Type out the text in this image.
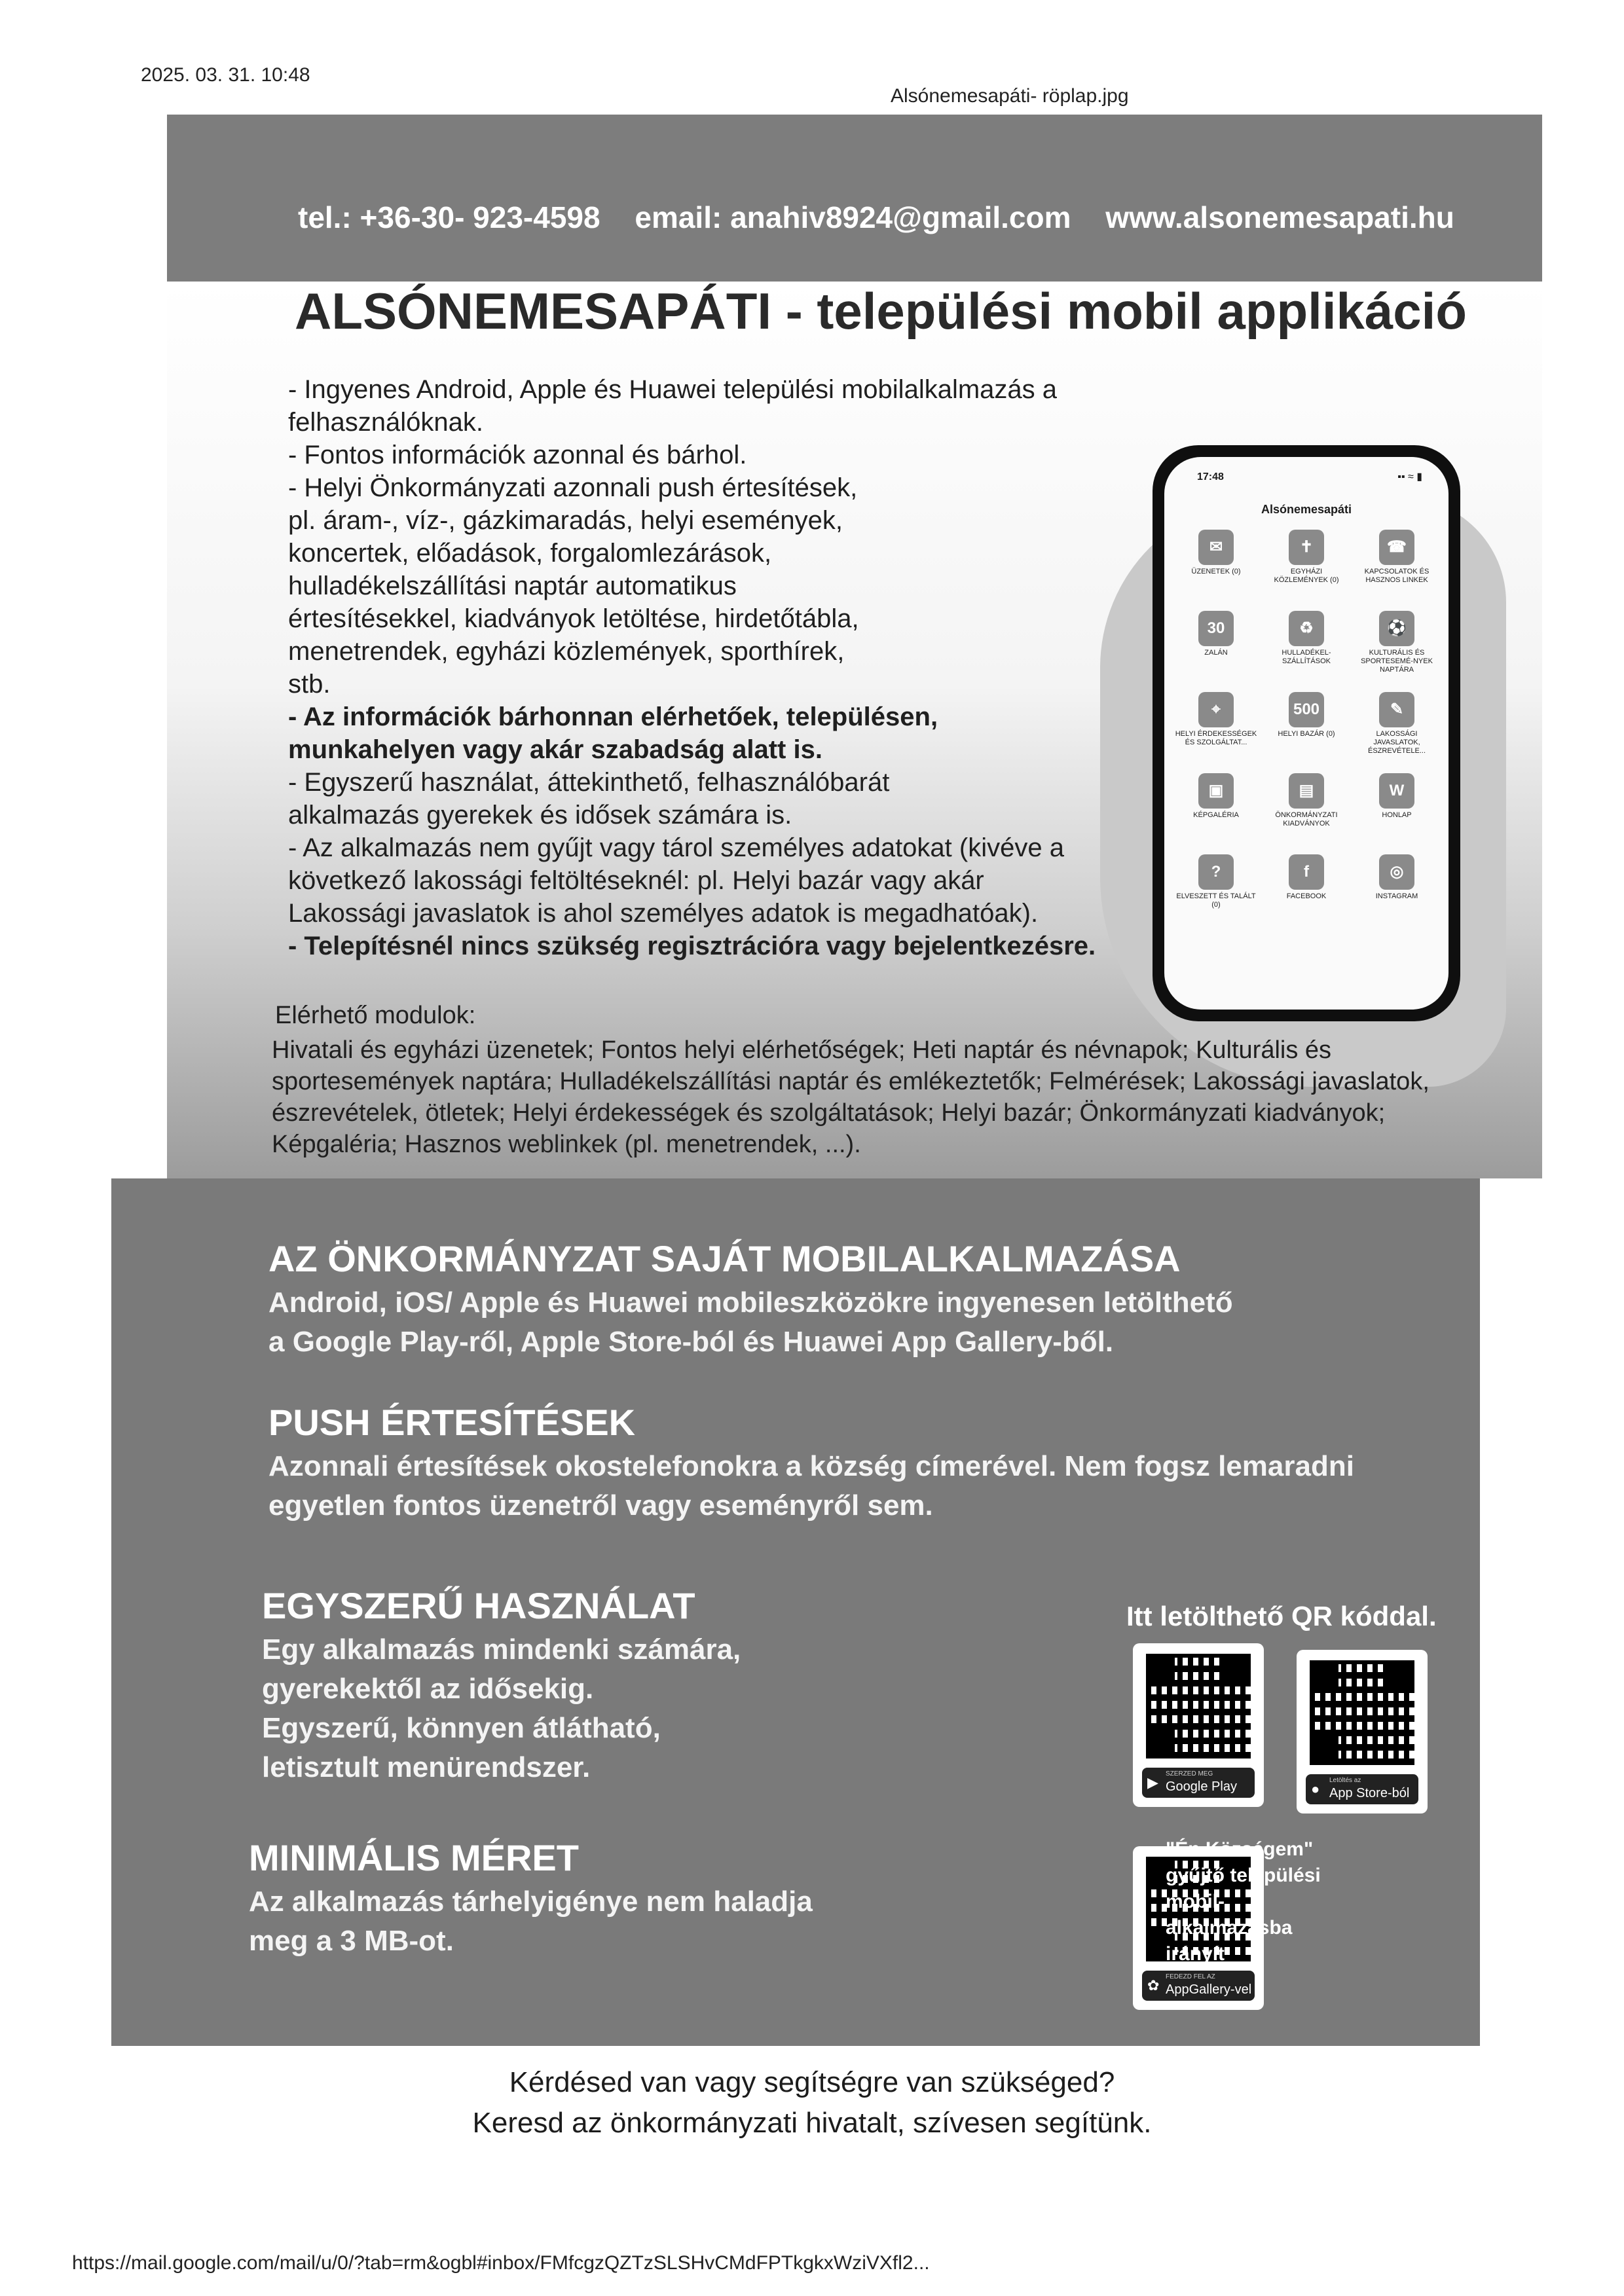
2025. 03. 31. 10:48
Alsónemesapáti- röplap.jpg
tel.: +36-30- 923-4598 email: anahiv8924@gmail.com www.alsonemesapati.hu
ALSÓNEMESAPÁTI - települési mobil applikáció

- Ingyenes Android, Apple és Huawei települési mobilalkalmazás a felhasználóknak.

- Fontos információk azonnal és bárhol.

- Helyi Önkormányzati azonnali push értesítések, pl. áram-, víz-, gázkimaradás, helyi események, koncertek, előadások, forgalomlezárások, hulladékelszállítási naptár automatikus értesítésekkel, kiadványok letöltése, hirdetőtábla, menetrendek, egyházi közlemények, sporthírek, stb.

- Az információk bárhonnan elérhetőek, településen, munkahelyen vagy akár szabadság alatt is.

- Egyszerű használat, áttekinthető, felhasználóbarát alkalmazás gyerekek és idősek számára is.

- Az alkalmazás nem gyűjt vagy tárol személyes adatokat (kivéve a következő lakossági feltöltéseknél: pl. Helyi bazár vagy akár Lakossági javaslatok is ahol személyes adatok is megadhatóak).

- Telepítésnél nincs szükség regisztrációra vagy bejelentkezésre.

17:48	▪▪ ≈ ▮
Alsónemesapáti
✉
ÜZENETEK (0)
✝
EGYHÁZI KÖZLEMÉNYEK (0)
☎
KAPCSOLATOK ÉS HASZNOS LINKEK
30
ZALÁN
♻
HULLADÉKEL-SZÁLLÍTÁSOK
⚽
KULTURÁLIS ÉS SPORTESEMÉ-NYEK NAPTÁRA
⌖
HELYI ÉRDEKESSÉGEK ÉS SZOLGÁLTAT...
500
HELYI BAZÁR (0)
✎
LAKOSSÁGI JAVASLATOK, ÉSZREVÉTELE...
▣
KÉPGALÉRIA
▤
ÖNKORMÁNYZATI KIADVÁNYOK
W
HONLAP
?
ELVESZETT ÉS TALÁLT (0)
f
FACEBOOK
◎
INSTAGRAM
Elérhető modulok:
Hivatali és egyházi üzenetek; Fontos helyi elérhetőségek; Heti naptár és névnapok; Kulturális és sportesemények naptára; Hulladékelszállítási naptár és emlékeztetők; Felmérések; Lakossági javaslatok, észrevételek, ötletek; Helyi érdekességek és szolgáltatások; Helyi bazár; Önkormányzati kiadványok; Képgaléria; Hasznos weblinkek (pl. menetrendek, ...).
AZ ÖNKORMÁNYZAT SAJÁT MOBILALKALMAZÁSA
Android, iOS/ Apple és Huawei mobileszközökre ingyenesen letölthető
a Google Play-ről, Apple Store-ból és Huawei App Gallery-ből.
PUSH ÉRTESÍTÉSEK
Azonnali értesítések okostelefonokra a község címerével. Nem fogsz lemaradni
egyetlen fontos üzenetről vagy eseményről sem.
EGYSZERŰ HASZNÁLAT
Egy alkalmazás mindenki számára,
gyerekektől az idősekig.
Egyszerű, könnyen átlátható,
letisztult menürendszer.
MINIMÁLIS MÉRET
Az alkalmazás tárhelyigénye nem haladja
meg a 3 MB-ot.
Itt letölthető QR kóddal.
▶
SZERZED MEG
Google Play	●
Letöltés az
App Store-ból
✿
FEDEZD FEL AZ
AppGallery-vel
"Én Községem" gyűjtő települési mobil-alkalmazásba irányít

Kérdésed van vagy segítségre van szükséged?

Keresd az önkormányzati hivatalt, szívesen segítünk.

https://mail.google.com/mail/u/0/?tab=rm&ogbl#inbox/FMfcgzQZTzSLSHvCMdFPTkgkxWziVXfl2...
